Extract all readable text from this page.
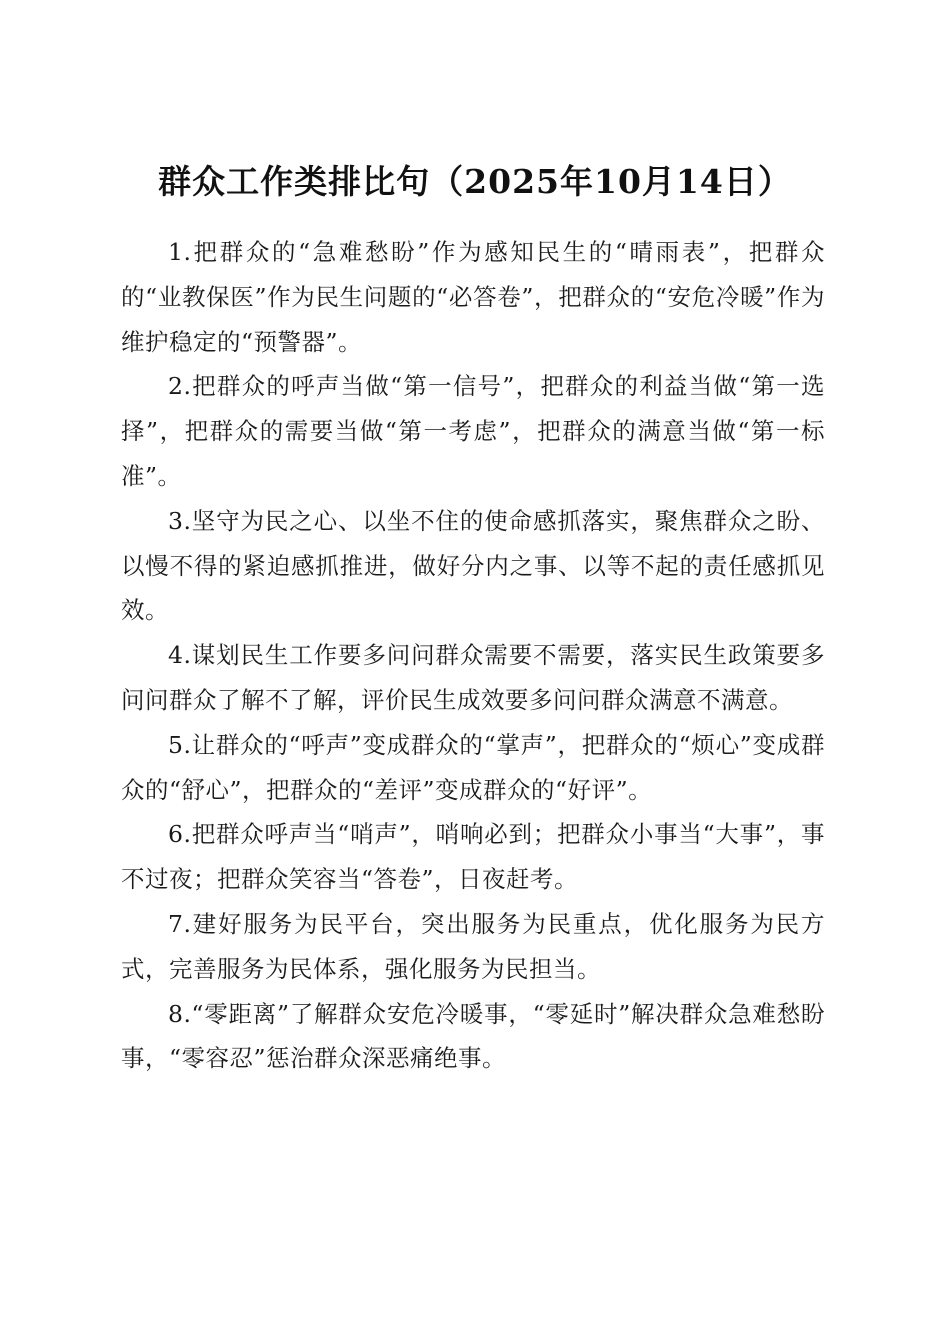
群众工作类排比句（2025年10月14日）

1.把群众的“急难愁盼”作为感知民生的“晴雨表”，把群众的“业教保医”作为民生问题的“必答卷”，把群众的“安危冷暖”作为维护稳定的“预警器”。

2.把群众的呼声当做“第一信号”，把群众的利益当做“第一选择”，把群众的需要当做“第一考虑”，把群众的满意当做“第一标准”。

3.坚守为民之心、以坐不住的使命感抓落实，聚焦群众之盼、以慢不得的紧迫感抓推进，做好分内之事、以等不起的责任感抓见效。

4.谋划民生工作要多问问群众需要不需要，落实民生政策要多问问群众了解不了解，评价民生成效要多问问群众满意不满意。

5.让群众的“呼声”变成群众的“掌声”，把群众的“烦心”变成群众的“舒心”，把群众的“差评”变成群众的“好评”。

6.把群众呼声当“哨声”，哨响必到；把群众小事当“大事”，事不过夜；把群众笑容当“答卷”，日夜赶考。

7.建好服务为民平台，突出服务为民重点，优化服务为民方式，完善服务为民体系，强化服务为民担当。

8.“零距离”了解群众安危冷暖事，“零延时”解决群众急难愁盼事，“零容忍”惩治群众深恶痛绝事。
